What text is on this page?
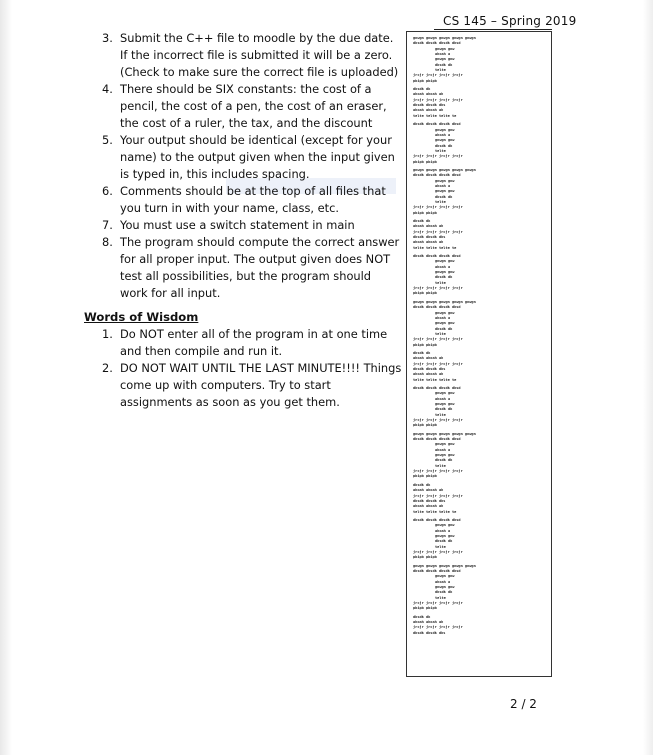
CS 145 – Spring 2019
3. Submit the C++ file to moodle by the due date. If the incorrect file is submitted it will be a zero. (Check to make sure the correct file is uploaded)
4. There should be SIX constants: the cost of a pencil, the cost of a pen, the cost of an eraser, the cost of a ruler, the tax, and the discount
5. Your output should be identical (except for your name) to the output given when the input given is typed in, this includes spacing.
6. Comments should be at the top of all files that you turn in with your name, class, etc.
7. You must use a switch statement in main
8. The program should compute the correct answer for all proper input. The output given does NOT test all possibilities, but the program should work for all input.
Words of Wisdom
1. Do NOT enter all of the program in at one time and then compile and run it.
2. DO NOT WAIT UNTIL THE LAST MINUTE!!!! Things come up with computers. Try to start assignments as soon as you get them.
gnwgn gnwgn gnwgn gnwgn gnwgn
dksdk dksdk dksdk dksd
gnwgn gnw
ahoah a
gnwgn gnw
dksdk dk
telte
jrcjr jrcjr jrcjr jrcjr
pbipb pbipb
dksdk dk
ahoah ahoah ah
jrcjr jrcjr jrcjr jrcjr
dksdk dksdk dks
ahoah ahoah ah
telte telte telte te
dksdk dksdk dksdk dksd
gnwgn gnw
ahoah a
gnwgn gnw
dksdk dk
telte
jrcjr jrcjr jrcjr jrcjr
pbipb pbipb
gnwgn gnwgn gnwgn gnwgn gnwgn
dksdk dksdk dksdk dksd
gnwgn gnw
ahoah a
gnwgn gnw
dksdk dk
telte
jrcjr jrcjr jrcjr jrcjr
pbipb pbipb
dksdk dk
ahoah ahoah ah
jrcjr jrcjr jrcjr jrcjr
dksdk dksdk dks
ahoah ahoah ah
telte telte telte te
dksdk dksdk dksdk dksd
gnwgn gnw
ahoah a
gnwgn gnw
dksdk dk
telte
jrcjr jrcjr jrcjr jrcjr
pbipb pbipb
gnwgn gnwgn gnwgn gnwgn gnwgn
dksdk dksdk dksdk dksd
gnwgn gnw
ahoah a
gnwgn gnw
dksdk dk
telte
jrcjr jrcjr jrcjr jrcjr
pbipb pbipb
dksdk dk
ahoah ahoah ah
jrcjr jrcjr jrcjr jrcjr
dksdk dksdk dks
ahoah ahoah ah
telte telte telte te
dksdk dksdk dksdk dksd
gnwgn gnw
ahoah a
gnwgn gnw
dksdk dk
telte
jrcjr jrcjr jrcjr jrcjr
pbipb pbipb
gnwgn gnwgn gnwgn gnwgn gnwgn
dksdk dksdk dksdk dksd
gnwgn gnw
ahoah a
gnwgn gnw
dksdk dk
telte
jrcjr jrcjr jrcjr jrcjr
pbipb pbipb
dksdk dk
ahoah ahoah ah
jrcjr jrcjr jrcjr jrcjr
dksdk dksdk dks
ahoah ahoah ah
telte telte telte te
dksdk dksdk dksdk dksd
gnwgn gnw
ahoah a
gnwgn gnw
dksdk dk
telte
jrcjr jrcjr jrcjr jrcjr
pbipb pbipb
gnwgn gnwgn gnwgn gnwgn gnwgn
dksdk dksdk dksdk dksd
gnwgn gnw
ahoah a
gnwgn gnw
dksdk dk
telte
jrcjr jrcjr jrcjr jrcjr
pbipb pbipb
dksdk dk
ahoah ahoah ah
jrcjr jrcjr jrcjr jrcjr
dksdk dksdk dks
2 / 2
